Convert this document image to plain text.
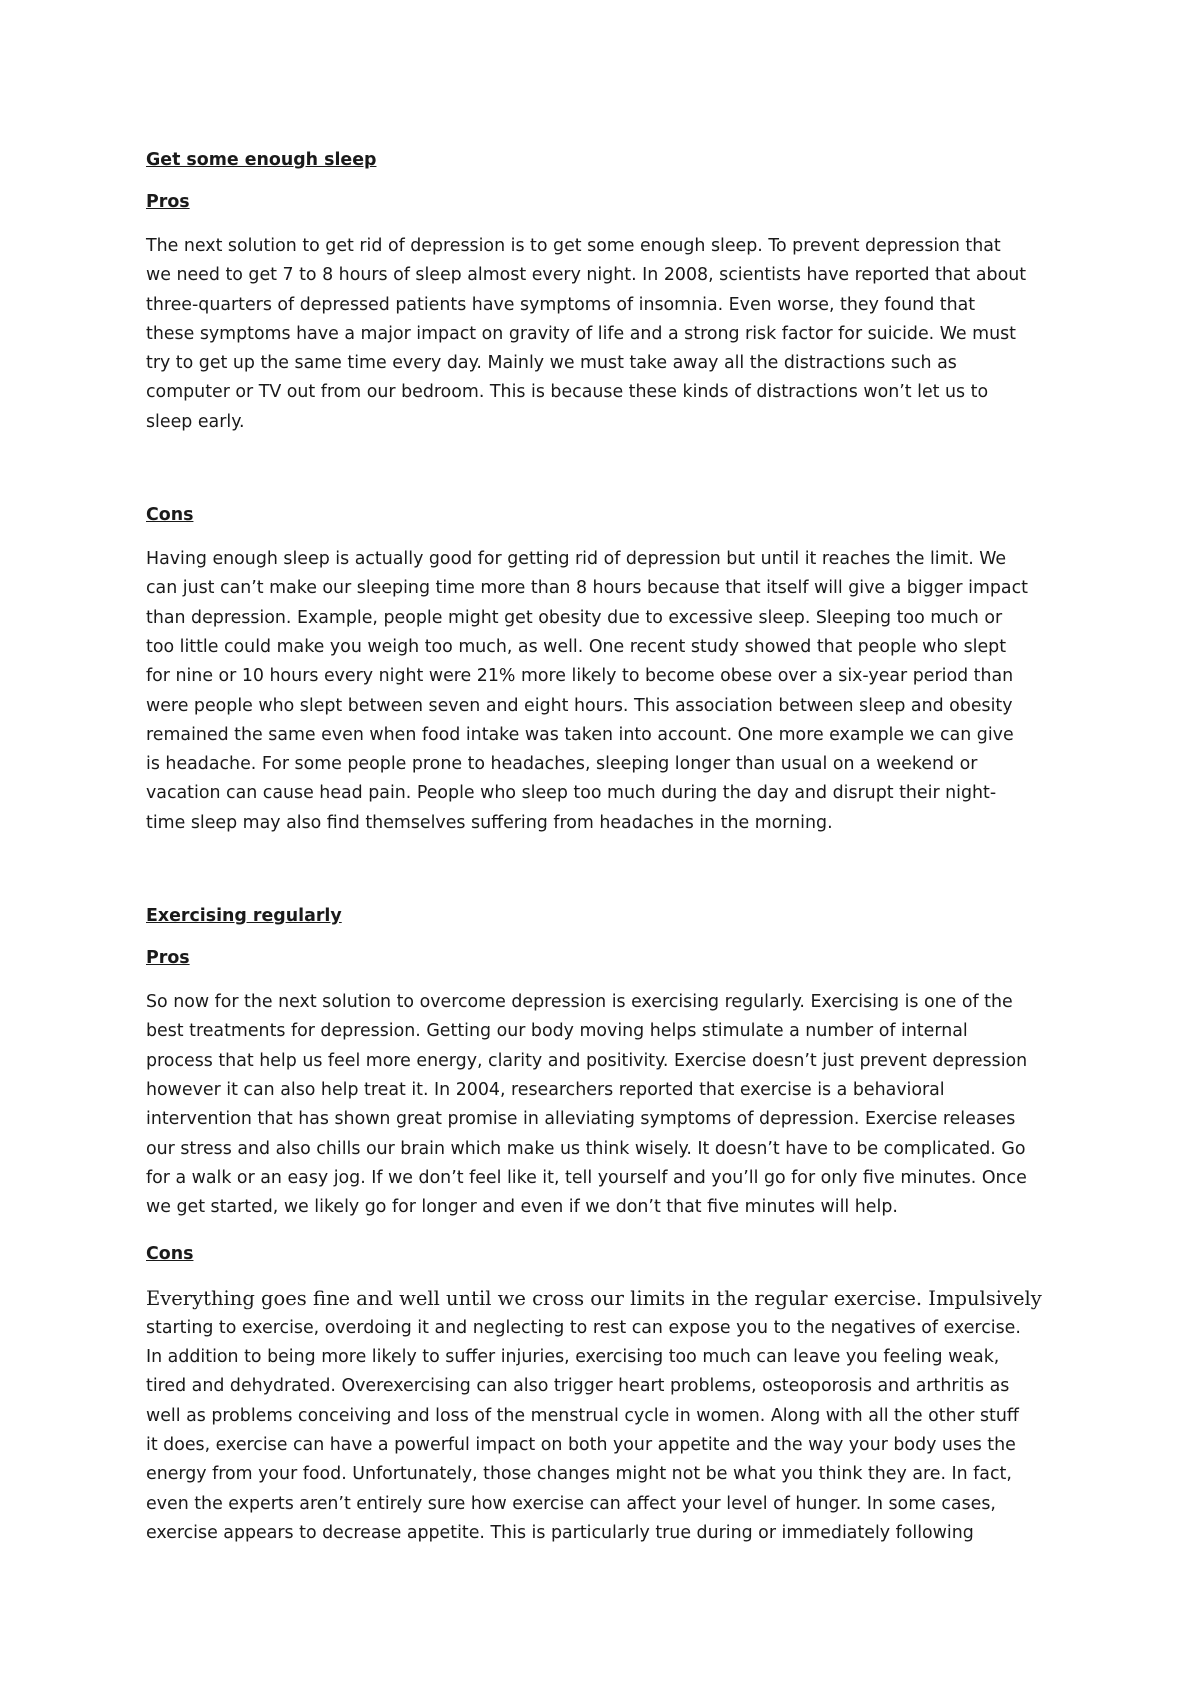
Get some enough sleep

Pros

The next solution to get rid of depression is to get some enough sleep. To prevent depression that
we need to get 7 to 8 hours of sleep almost every night. In 2008, scientists have reported that about
three-quarters of depressed patients have symptoms of insomnia. Even worse, they found that
these symptoms have a major impact on gravity of life and a strong risk factor for suicide. We must
try to get up the same time every day. Mainly we must take away all the distractions such as
computer or TV out from our bedroom. This is because these kinds of distractions won’t let us to
sleep early.

Cons

Having enough sleep is actually good for getting rid of depression but until it reaches the limit. We
can just can’t make our sleeping time more than 8 hours because that itself will give a bigger impact
than depression. Example, people might get obesity due to excessive sleep. Sleeping too much or
too little could make you weigh too much, as well. One recent study showed that people who slept
for nine or 10 hours every night were 21% more likely to become obese over a six-year period than
were people who slept between seven and eight hours. This association between sleep and obesity
remained the same even when food intake was taken into account. One more example we can give
is headache. For some people prone to headaches, sleeping longer than usual on a weekend or
vacation can cause head pain. People who sleep too much during the day and disrupt their night-
time sleep may also find themselves suffering from headaches in the morning.

Exercising regularly

Pros

So now for the next solution to overcome depression is exercising regularly. Exercising is one of the
best treatments for depression. Getting our body moving helps stimulate a number of internal
process that help us feel more energy, clarity and positivity. Exercise doesn’t just prevent depression
however it can also help treat it. In 2004, researchers reported that exercise is a behavioral
intervention that has shown great promise in alleviating symptoms of depression. Exercise releases
our stress and also chills our brain which make us think wisely. It doesn’t have to be complicated. Go
for a walk or an easy jog. If we don’t feel like it, tell yourself and you’ll go for only five minutes. Once
we get started, we likely go for longer and even if we don’t that five minutes will help.

Cons

Everything goes fine and well until we cross our limits in the regular exercise. Impulsively
starting to exercise, overdoing it and neglecting to rest can expose you to the negatives of exercise.
In addition to being more likely to suffer injuries, exercising too much can leave you feeling weak,
tired and dehydrated. Overexercising can also trigger heart problems, osteoporosis and arthritis as
well as problems conceiving and loss of the menstrual cycle in women. Along with all the other stuff
it does, exercise can have a powerful impact on both your appetite and the way your body uses the
energy from your food. Unfortunately, those changes might not be what you think they are. In fact,
even the experts aren’t entirely sure how exercise can affect your level of hunger. In some cases,
exercise appears to decrease appetite. This is particularly true during or immediately following
